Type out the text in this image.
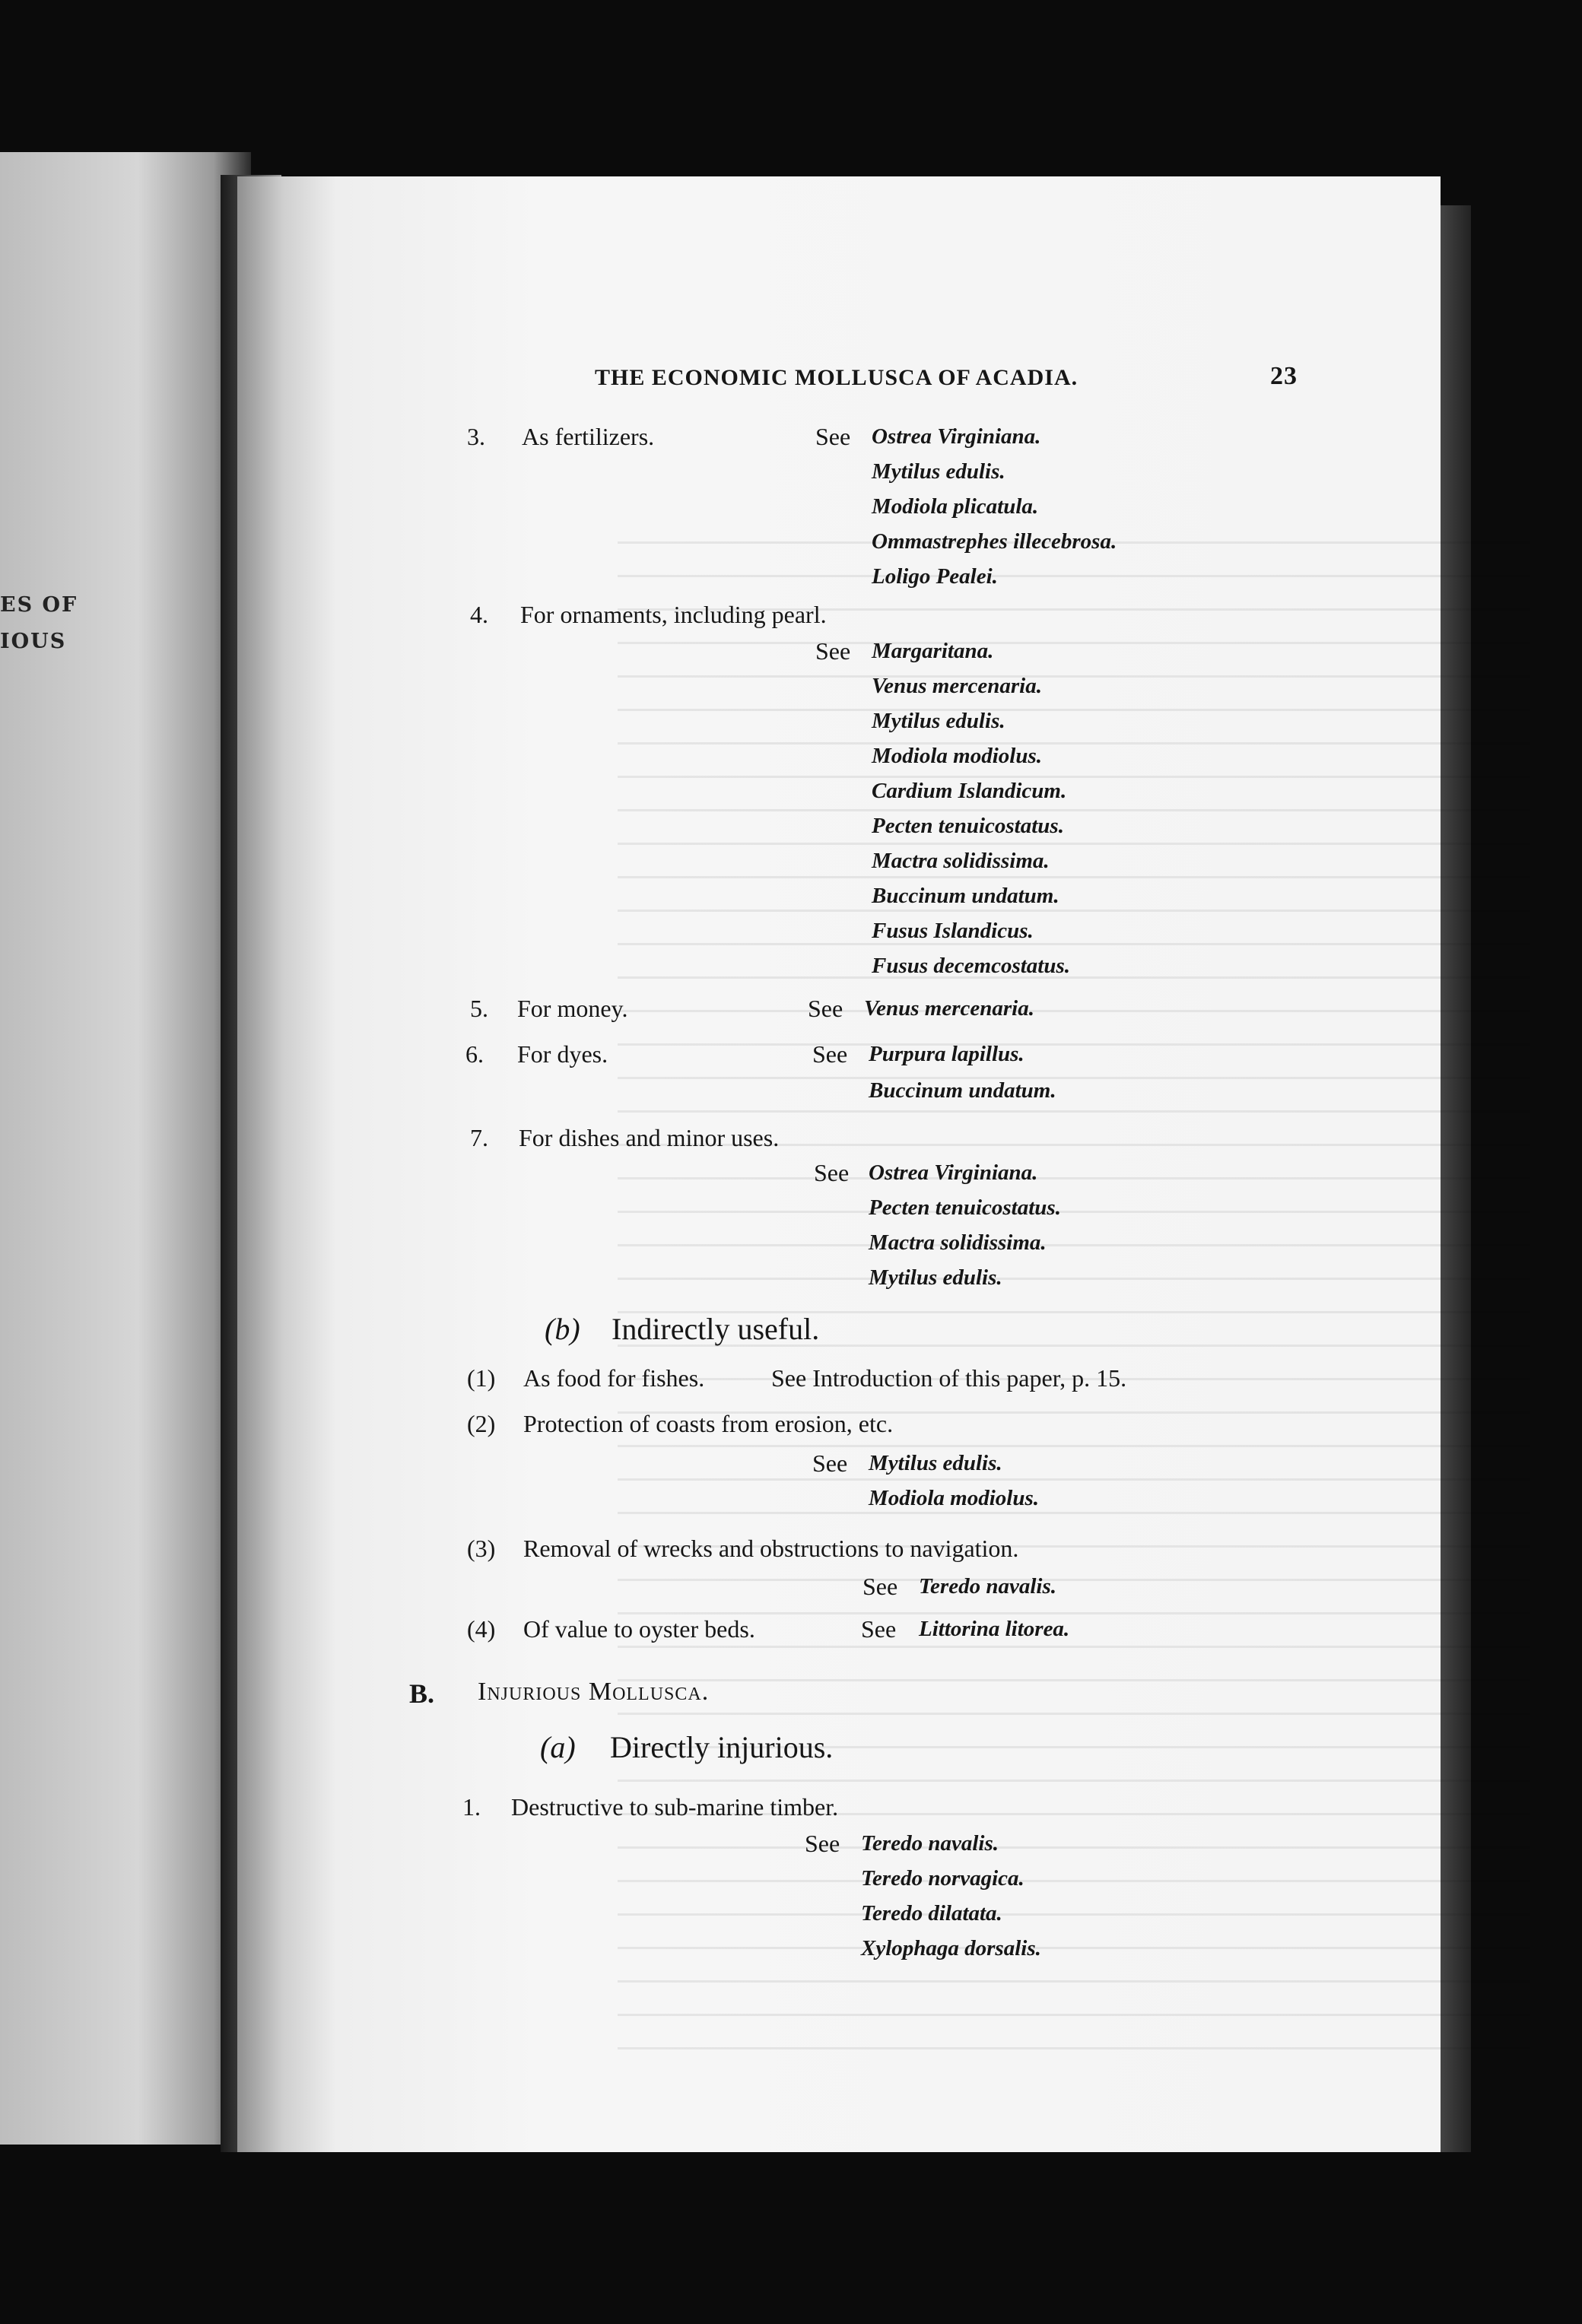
ES OF
IOUS
THE ECONOMIC MOLLUSCA OF ACADIA.	23
3. As fertilizers.	See Ostrea Virginiana.
Mytilus edulis.
Modiola plicatula.
Ommastrephes illecebrosa.
Loligo Pealei.
4. For ornaments, including pearl.
See Margaritana.
Venus mercenaria.
Mytilus edulis.
Modiola modiolus.
Cardium Islandicum.
Pecten tenuicostatus.
Mactra solidissima.
Buccinum undatum.
Fusus Islandicus.
Fusus decemcostatus.
5. For money.	See Venus mercenaria.
6. For dyes.	See Purpura lapillus.
Buccinum undatum.
7. For dishes and minor uses.
See Ostrea Virginiana.
Pecten tenuicostatus.
Mactra solidissima.
Mytilus edulis.
(b) Indirectly useful.
(1) As food for fishes.	See Introduction of this paper, p. 15.
(2) Protection of coasts from erosion, etc.
See Mytilus edulis.
Modiola modiolus.
(3) Removal of wrecks and obstructions to navigation.
See Teredo navalis.
(4) Of value to oyster beds.	See Littorina litorea.
B. Injurious Mollusca.
(a) Directly injurious.
1. Destructive to sub-marine timber.
See Teredo navalis.
Teredo norvagica.
Teredo dilatata.
Xylophaga dorsalis.
